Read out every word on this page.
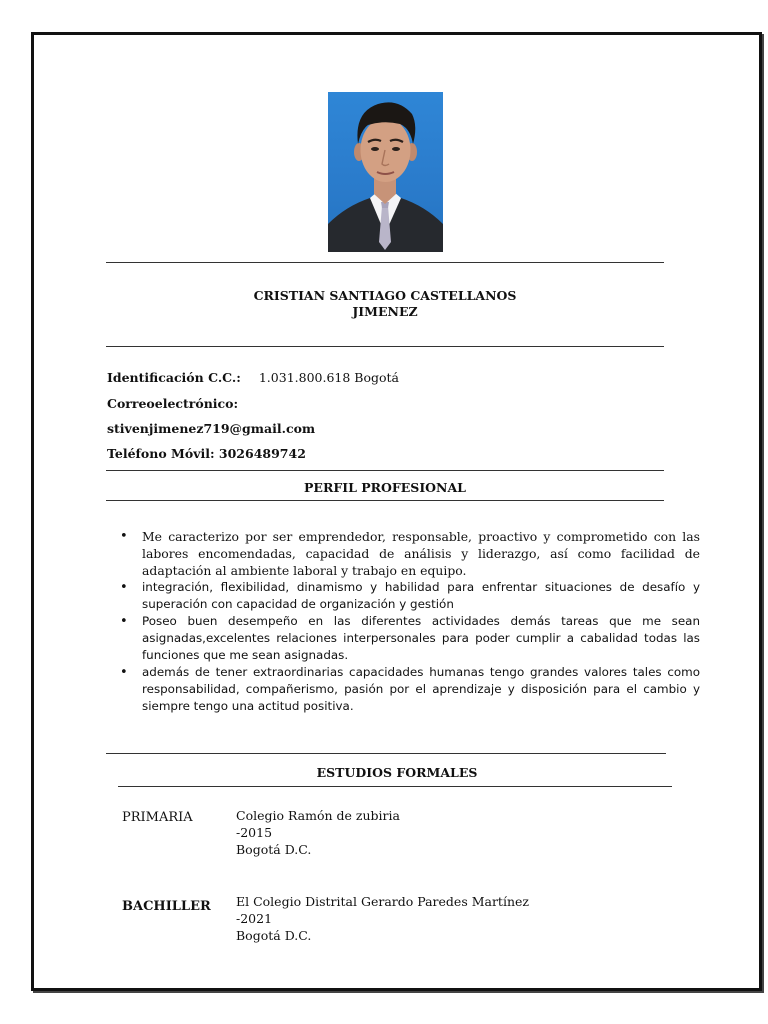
CRISTIAN SANTIAGO CASTELLANOS
JIMENEZ
Identificación C.C.: 1.031.800.618 Bogotá
Correoelectrónico:
stivenjimenez719@gmail.com
Teléfono Móvil: 3026489742
PERFIL PROFESIONAL
• Me caracterizo por ser emprendedor, responsable, proactivo y comprometido con las labores encomendadas, capacidad de análisis y liderazgo, así como facilidad de adaptación al ambiente laboral y trabajo en equipo.
• integración, flexibilidad, dinamismo y habilidad para enfrentar situaciones de desafío y superación con capacidad de organización y gestión
• Poseo buen desempeño en las diferentes actividades demás tareas que me sean asignadas,excelentes relaciones interpersonales para poder cumplir a cabalidad todas las funciones que me sean asignadas.
• además de tener extraordinarias capacidades humanas tengo grandes valores tales como responsabilidad, compañerismo, pasión por el aprendizaje y disposición para el cambio y siempre tengo una actitud positiva.
ESTUDIOS FORMALES
PRIMARIA	Colegio Ramón de zubiria
-2015
Bogotá D.C.
BACHILLER El Colegio Distrital Gerardo Paredes Martínez
-2021
Bogotá D.C.
